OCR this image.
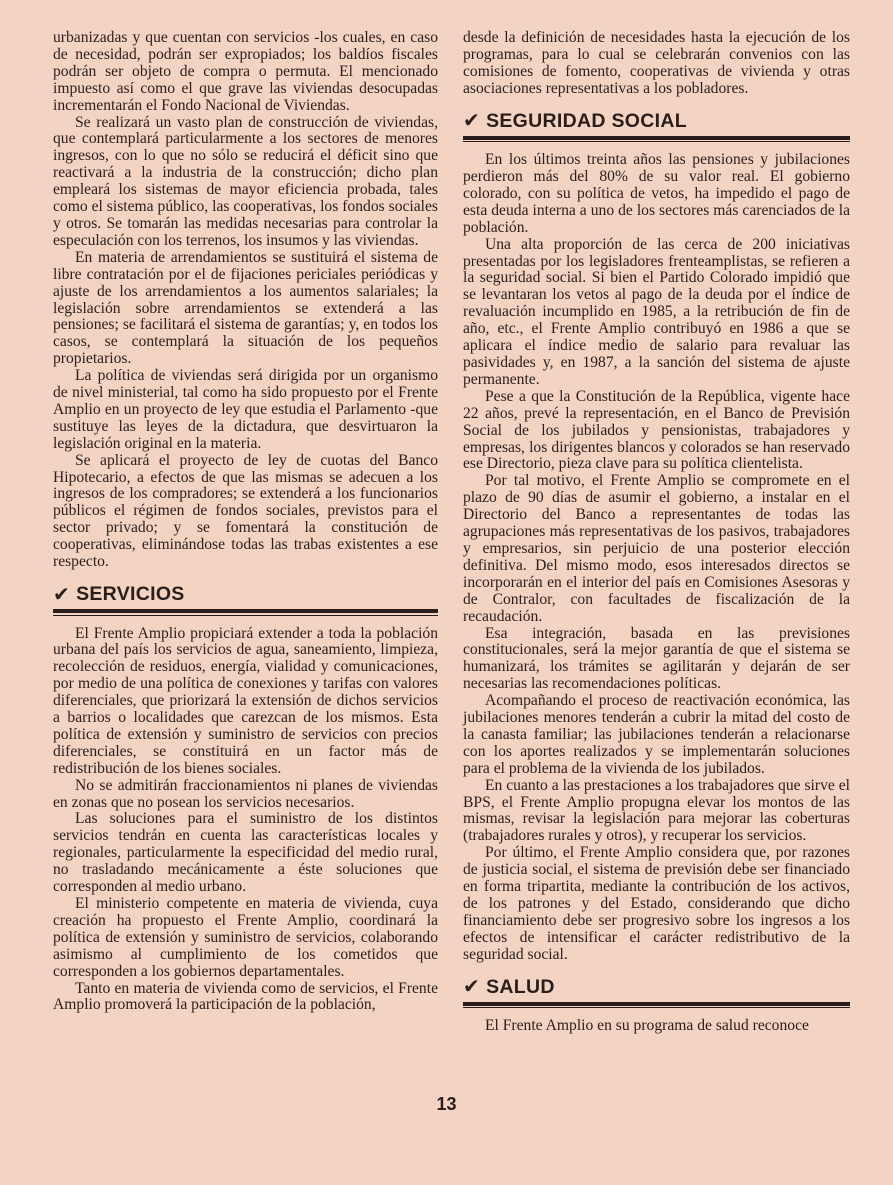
urbanizadas y que cuentan con servicios -los cuales, en caso de necesidad, podrán ser expropiados; los baldíos fiscales podrán ser objeto de compra o permuta. El mencionado impuesto así como el que grave las viviendas desocupadas incrementarán el Fondo Nacional de Viviendas.

Se realizará un vasto plan de construcción de viviendas, que contemplará particularmente a los sectores de menores ingresos, con lo que no sólo se reducirá el déficit sino que reactivará a la industria de la construcción; dicho plan empleará los sistemas de mayor eficiencia probada, tales como el sistema público, las cooperativas, los fondos sociales y otros. Se tomarán las medidas necesarias para controlar la especulación con los terrenos, los insumos y las viviendas.

En materia de arrendamientos se sustituirá el sistema de libre contratación por el de fijaciones periciales periódicas y ajuste de los arrendamientos a los aumentos salariales; la legislación sobre arrendamientos se extenderá a las pensiones; se facilitará el sistema de garantías; y, en todos los casos, se contemplará la situación de los pequeños propietarios.

La política de viviendas será dirigida por un organismo de nivel ministerial, tal como ha sido propuesto por el Frente Amplio en un proyecto de ley que estudia el Parlamento -que sustituye las leyes de la dictadura, que desvirtuaron la legislación original en la materia.

Se aplicará el proyecto de ley de cuotas del Banco Hipotecario, a efectos de que las mismas se adecuen a los ingresos de los compradores; se extenderá a los funcionarios públicos el régimen de fondos sociales, previstos para el sector privado; y se fomentará la constitución de cooperativas, eliminándose todas las trabas existentes a ese respecto.

✔ SERVICIOS

El Frente Amplio propiciará extender a toda la población urbana del país los servicios de agua, saneamiento, limpieza, recolección de residuos, energía, vialidad y comunicaciones, por medio de una política de conexiones y tarifas con valores diferenciales, que priorizará la extensión de dichos servicios a barrios o localidades que carezcan de los mismos. Esta política de extensión y suministro de servicios con precios diferenciales, se constituirá en un factor más de redistribución de los bienes sociales.

No se admitirán fraccionamientos ni planes de viviendas en zonas que no posean los servicios necesarios.

Las soluciones para el suministro de los distintos servicios tendrán en cuenta las características locales y regionales, particularmente la especificidad del medio rural, no trasladando mecánicamente a éste soluciones que corresponden al medio urbano.

El ministerio competente en materia de vivienda, cuya creación ha propuesto el Frente Amplio, coordinará la política de extensión y suministro de servicios, colaborando asimismo al cumplimiento de los cometidos que corresponden a los gobiernos departamentales.

Tanto en materia de vivienda como de servicios, el Frente Amplio promoverá la participación de la población,

desde la definición de necesidades hasta la ejecución de los programas, para lo cual se celebrarán convenios con las comisiones de fomento, cooperativas de vivienda y otras asociaciones representativas a los pobladores.

✔ SEGURIDAD SOCIAL

En los últimos treinta años las pensiones y jubilaciones perdieron más del 80% de su valor real. El gobierno colorado, con su política de vetos, ha impedido el pago de esta deuda interna a uno de los sectores más carenciados de la población.

Una alta proporción de las cerca de 200 iniciativas presentadas por los legisladores frenteamplistas, se refieren a la seguridad social. Si bien el Partido Colorado impidió que se levantaran los vetos al pago de la deuda por el índice de revaluación incumplido en 1985, a la retribución de fin de año, etc., el Frente Amplio contribuyó en 1986 a que se aplicara el índice medio de salario para revaluar las pasividades y, en 1987, a la sanción del sistema de ajuste permanente.

Pese a que la Constitución de la República, vigente hace 22 años, prevé la representación, en el Banco de Previsión Social de los jubilados y pensionistas, trabajadores y empresas, los dirigentes blancos y colorados se han reservado ese Directorio, pieza clave para su política clientelista.

Por tal motivo, el Frente Amplio se compromete en el plazo de 90 días de asumir el gobierno, a instalar en el Directorio del Banco a representantes de todas las agrupaciones más representativas de los pasivos, trabajadores y empresarios, sin perjuicio de una posterior elección definitiva. Del mismo modo, esos interesados directos se incorporarán en el interior del país en Comisiones Asesoras y de Contralor, con facultades de fiscalización de la recaudación.

Esa integración, basada en las previsiones constitucionales, será la mejor garantía de que el sistema se humanizará, los trámites se agilitarán y dejarán de ser necesarias las recomendaciones políticas.

Acompañando el proceso de reactivación económica, las jubilaciones menores tenderán a cubrir la mitad del costo de la canasta familiar; las jubilaciones tenderán a relacionarse con los aportes realizados y se implementarán soluciones para el problema de la vivienda de los jubilados.

En cuanto a las prestaciones a los trabajadores que sirve el BPS, el Frente Amplio propugna elevar los montos de las mismas, revisar la legislación para mejorar las coberturas (trabajadores rurales y otros), y recuperar los servicios.

Por último, el Frente Amplio considera que, por razones de justicia social, el sistema de previsión debe ser financiado en forma tripartita, mediante la contribución de los activos, de los patrones y del Estado, considerando que dicho financiamiento debe ser progresivo sobre los ingresos a los efectos de intensificar el carácter redistributivo de la seguridad social.

✔ SALUD

El Frente Amplio en su programa de salud reconoce

13
